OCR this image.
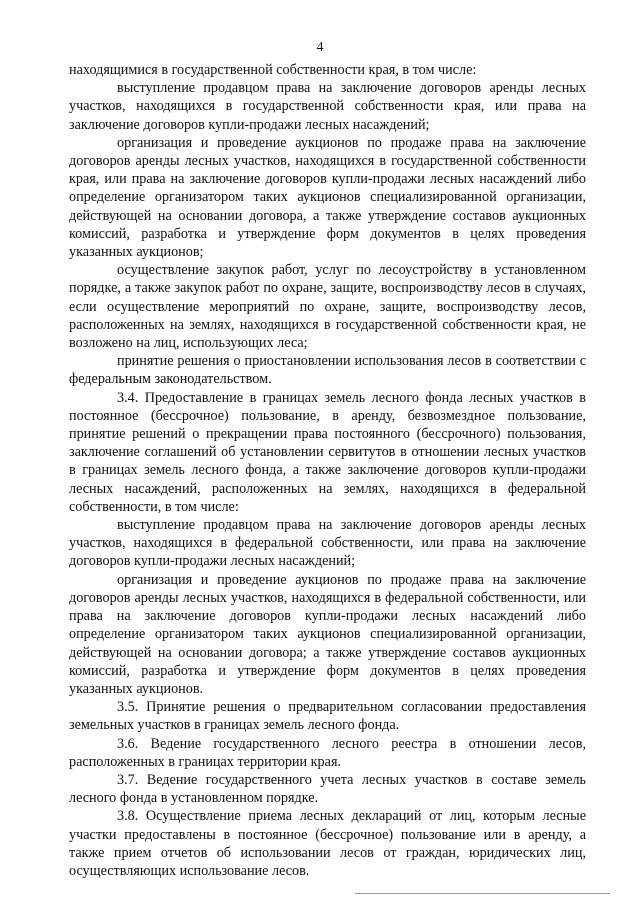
4

находящимися в государственной собственности края, в том числе:

выступление продавцом права на заключение договоров аренды лесных участков, находящихся в государственной собственности края, или права на заключение договоров купли-продажи лесных насаждений;

организация и проведение аукционов по продаже права на заключение договоров аренды лесных участков, находящихся в государственной собственности края, или права на заключение договоров купли-продажи лесных насаждений либо определение организатором таких аукционов специализированной организации, действующей на основании договора, а также утверждение составов аукционных комиссий, разработка и утверждение форм документов в целях проведения указанных аукционов;

осуществление закупок работ, услуг по лесоустройству в установленном порядке, а также закупок работ по охране, защите, воспроизводству лесов в случаях, если осуществление мероприятий по охране, защите, воспроизводству лесов, расположенных на землях, находящихся в государственной собственности края, не возложено на лиц, использующих леса;

принятие решения о приостановлении использования лесов в соответствии с федеральным законодательством.

3.4. Предоставление в границах земель лесного фонда лесных участков в постоянное (бессрочное) пользование, в аренду, безвозмездное пользование, принятие решений о прекращении права постоянного (бессрочного) пользования, заключение соглашений об установлении сервитутов в отношении лесных участков в границах земель лесного фонда, а также заключение договоров купли-продажи лесных насаждений, расположенных на землях, находящихся в федеральной собственности, в том числе:

выступление продавцом права на заключение договоров аренды лесных участков, находящихся в федеральной собственности, или права на заключение договоров купли-продажи лесных насаждений;

организация и проведение аукционов по продаже права на заключение договоров аренды лесных участков, находящихся в федеральной собственности, или права на заключение договоров купли-продажи лесных насаждений либо определение организатором таких аукционов специализированной организации, действующей на основании договора; а также утверждение составов аукционных комиссий, разработка и утверждение форм документов в целях проведения указанных аукционов.

3.5. Принятие решения о предварительном согласовании предоставления земельных участков в границах земель лесного фонда.

3.6. Ведение государственного лесного реестра в отношении лесов, расположенных в границах территории края.

3.7. Ведение государственного учета лесных участков в составе земель лесного фонда в установленном порядке.

3.8. Осуществление приема лесных деклараций от лиц, которым лесные участки предоставлены в постоянное (бессрочное) пользование или в аренду, а также прием отчетов об использовании лесов от граждан, юридических лиц, осуществляющих использование лесов.
